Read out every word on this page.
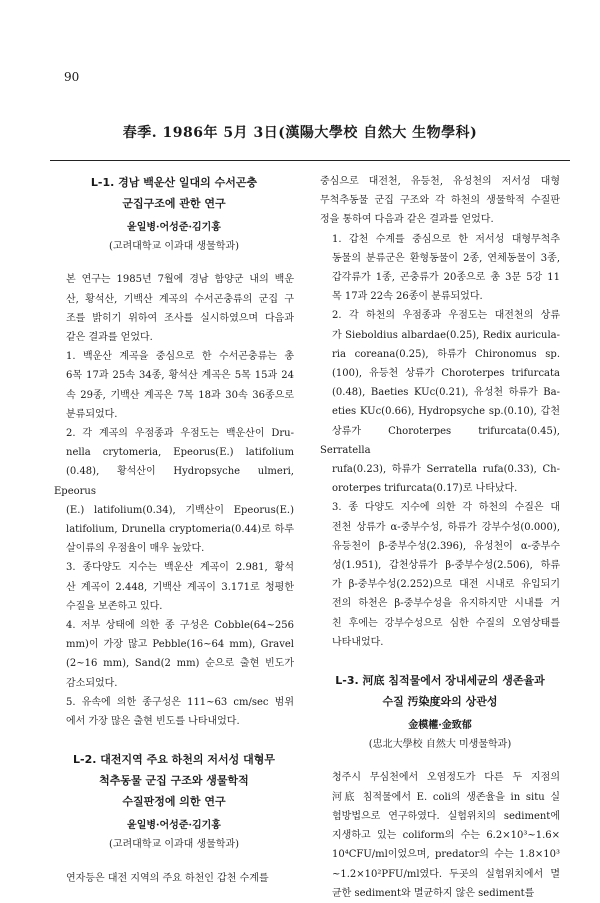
90
春季. 1986年 5月 3日(漢陽大學校 自然大 生物學科)
L-1. 경남 백운산 일대의 수서곤충
군집구조에 관한 연구
윤일병·어성준·김기홍
(고려대학교 이과대 생물학과)
본 연구는 1985년 7월에 경남 함양군 내의 백운
산, 황석산, 기백산 계곡의 수서곤충류의 군집 구
조를 밝히기 위하여 조사를 실시하였으며 다음과
같은 결과를 얻었다.
1. 백운산 계곡을 중심으로 한 수서곤충류는 총
6목 17과 25속 34종, 황석산 계곡은 5목 15과 24
속 29종, 기백산 계곡은 7목 18과 30속 36종으로
분류되었다.
2. 각 계곡의 우점종과 우점도는 백운산이 Dru-
nella crytomeria, Epeorus(E.) latifolium
(0.48), 황석산이 Hydropsyche ulmeri, Epeorus
(E.) latifolium(0.34), 기백산이 Epeorus(E.)
latifolium, Drunella cryptomeria(0.44)로 하루
살이류의 우점율이 매우 높았다.
3. 종다양도 지수는 백운산 계곡이 2.981, 황석
산 계곡이 2.448, 기백산 계곡이 3.171로 청평한
수질을 보존하고 있다.
4. 저부 상태에 의한 종 구성은 Cobble(64~256
mm)이 가장 많고 Pebble(16~64 mm), Gravel
(2~16 mm), Sand(2 mm) 순으로 출현 빈도가
감소되었다.
5. 유속에 의한 종구성은 111~63 cm/sec 범위
에서 가장 많은 출현 빈도를 나타내었다.
L-2. 대전지역 주요 하천의 저서성 대형무
척추동물 군집 구조와 생물학적
수질판정에 의한 연구
윤일병·어성준·김기홍
(고려대학교 이과대 생물학과)
연자등은 대전 지역의 주요 하천인 갑천 수계를
중심으로 대전천, 유등천, 유성천의 저서성 대형
무척추동물 군집 구조와 각 하천의 생물학적 수질판
정을 통하여 다음과 같은 결과를 얻었다.
1. 갑천 수계를 중심으로 한 저서성 대형무척추
동물의 분류군은 환형동물이 2종, 연체동물이 3종,
갑각류가 1종, 곤충류가 20종으로 총 3문 5강 11
목 17과 22속 26종이 분류되었다.
2. 각 하천의 우점종과 우점도는 대전천의 상류
가 Sieboldius albardae(0.25), Redix auricula-
ria coreana(0.25), 하류가 Chironomus sp.
(100), 유등천 상류가 Choroterpes trifurcata
(0.48), Baeties KUc(0.21), 유성천 하류가 Ba-
eties KUc(0.66), Hydropsyche sp.(0.10), 갑천
상류가 Choroterpes trifurcata(0.45), Serratella
rufa(0.23), 하류가 Serratella rufa(0.33), Ch-
oroterpes trifurcata(0.17)로 나타났다.
3. 종 다양도 지수에 의한 각 하천의 수질은 대
전천 상류가 α-중부수성, 하류가 강부수성(0.000),
유등천이 β-중부수성(2.396), 유성천이 α-중부수
성(1.951), 갑천상류가 β-중부수성(2.506), 하류
가 β-중부수성(2.252)으로 대전 시내로 유입되기
전의 하천은 β-중부수성을 유지하지만 시내를 거
친 후에는 강부수성으로 심한 수질의 오염상태를
나타내었다.
L-3. 河底 침적물에서 장내세균의 생존율과
수질 汚染度와의 상관성
金模權·金致郁
(忠北大學校 自然大 미생물학과)
청주시 무심천에서 오염정도가 다른 두 지점의
河底 침적물에서 E. coli의 생존율을 in situ 실
험방법으로 연구하였다. 실험위치의 sediment에
지생하고 있는 coliform의 수는 6.2×10³~1.6×
10⁴CFU/ml이었으며, predator의 수는 1.8×10³
~1.2×10²PFU/ml였다. 두곳의 실험위치에서 멸
균한 sediment와 멸균하지 않은 sediment를
